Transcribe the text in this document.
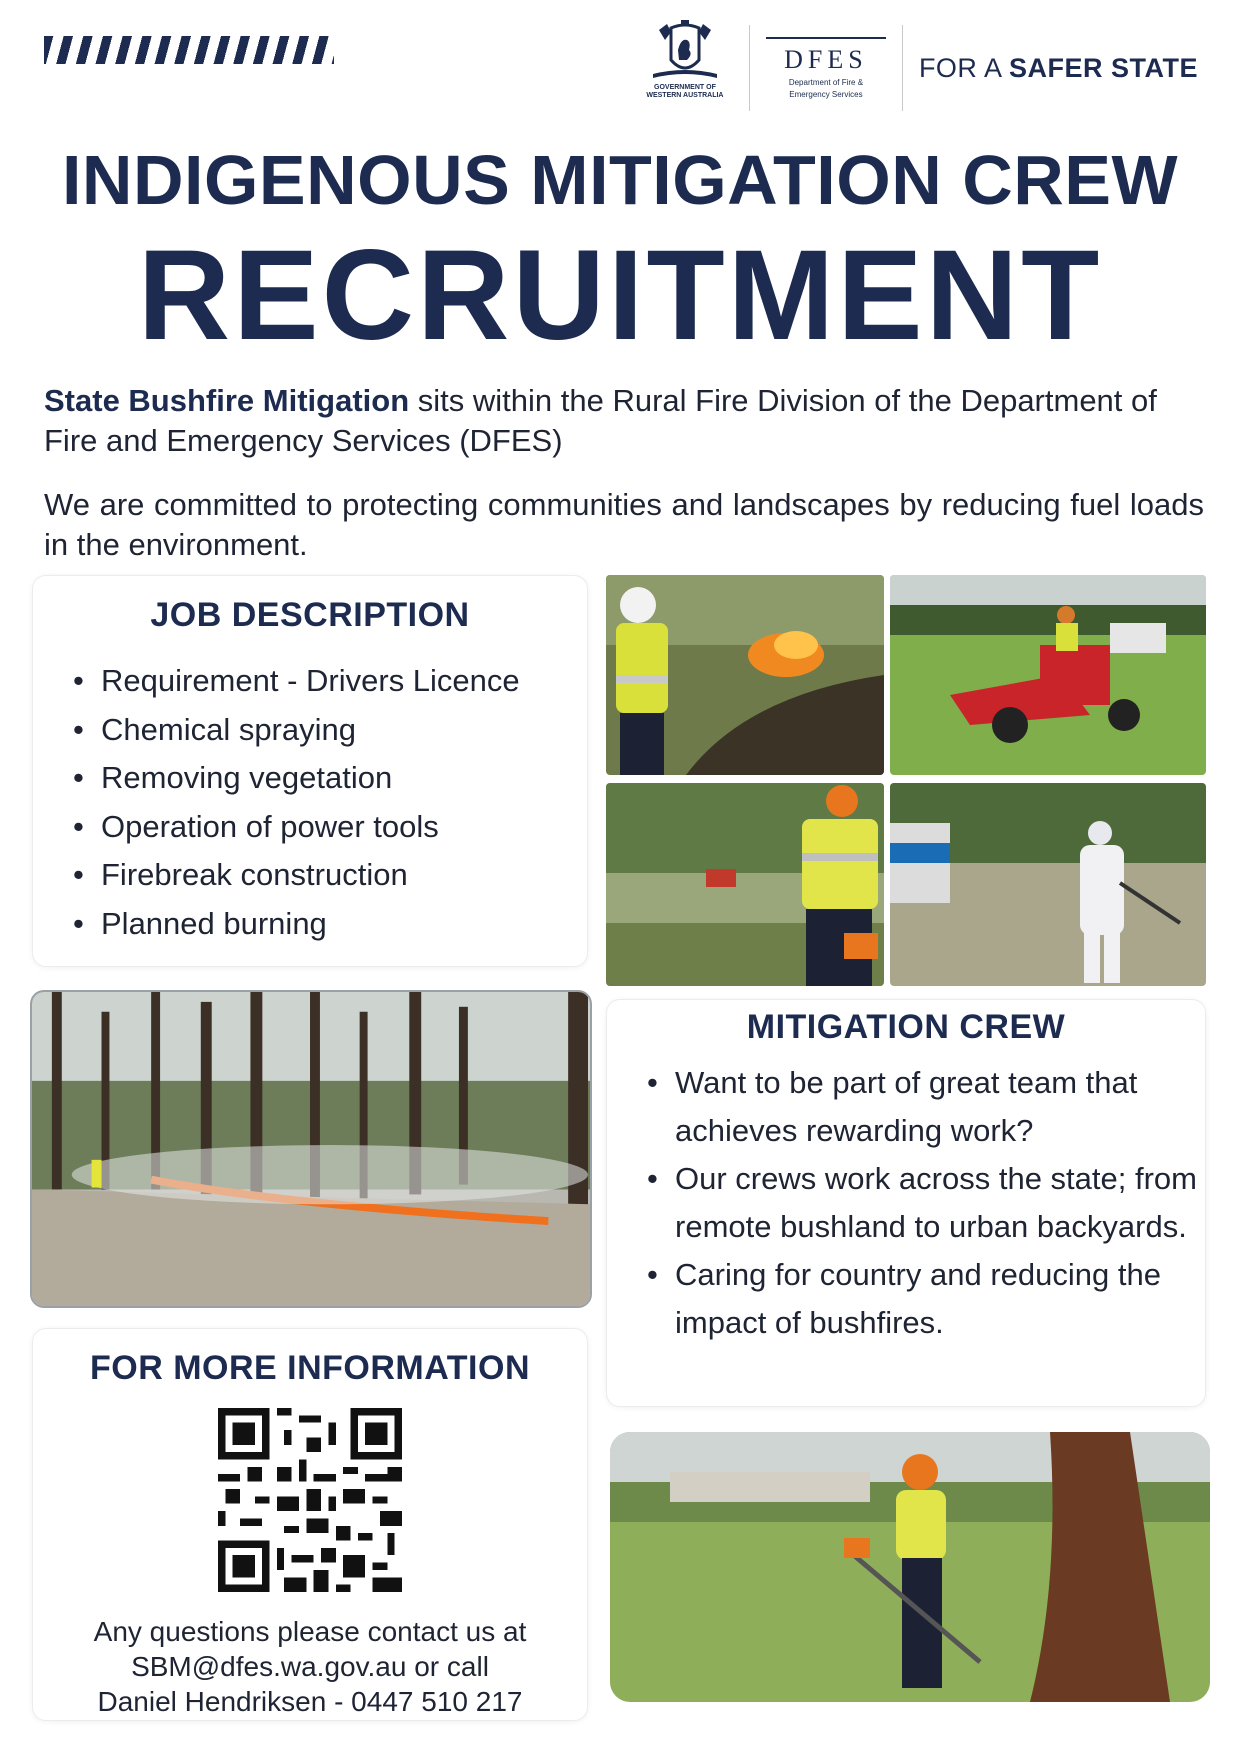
GOVERNMENT OF
WESTERN AUSTRALIA
DFES
Department of Fire &
Emergency Services
FOR A SAFER STATE
INDIGENOUS MITIGATION CREW
RECRUITMENT

State Bushfire Mitigation sits within the Rural Fire Division of the Department of Fire and Emergency Services (DFES)

We are committed to protecting communities and landscapes by reducing fuel loads in the environment.

JOB DESCRIPTION
• Requirement - Drivers Licence
• Chemical spraying
• Removing vegetation
• Operation of power tools
• Firebreak construction
• Planned burning
MITIGATION CREW
• Want to be part of great team that achieves rewarding work?
• Our crews work across the state; from remote bushland to urban backyards.
• Caring for country and reducing the impact of bushfires.
FOR MORE INFORMATION
Any questions please contact us at
SBM@dfes.wa.gov.au or call
Daniel Hendriksen - 0447 510 217
